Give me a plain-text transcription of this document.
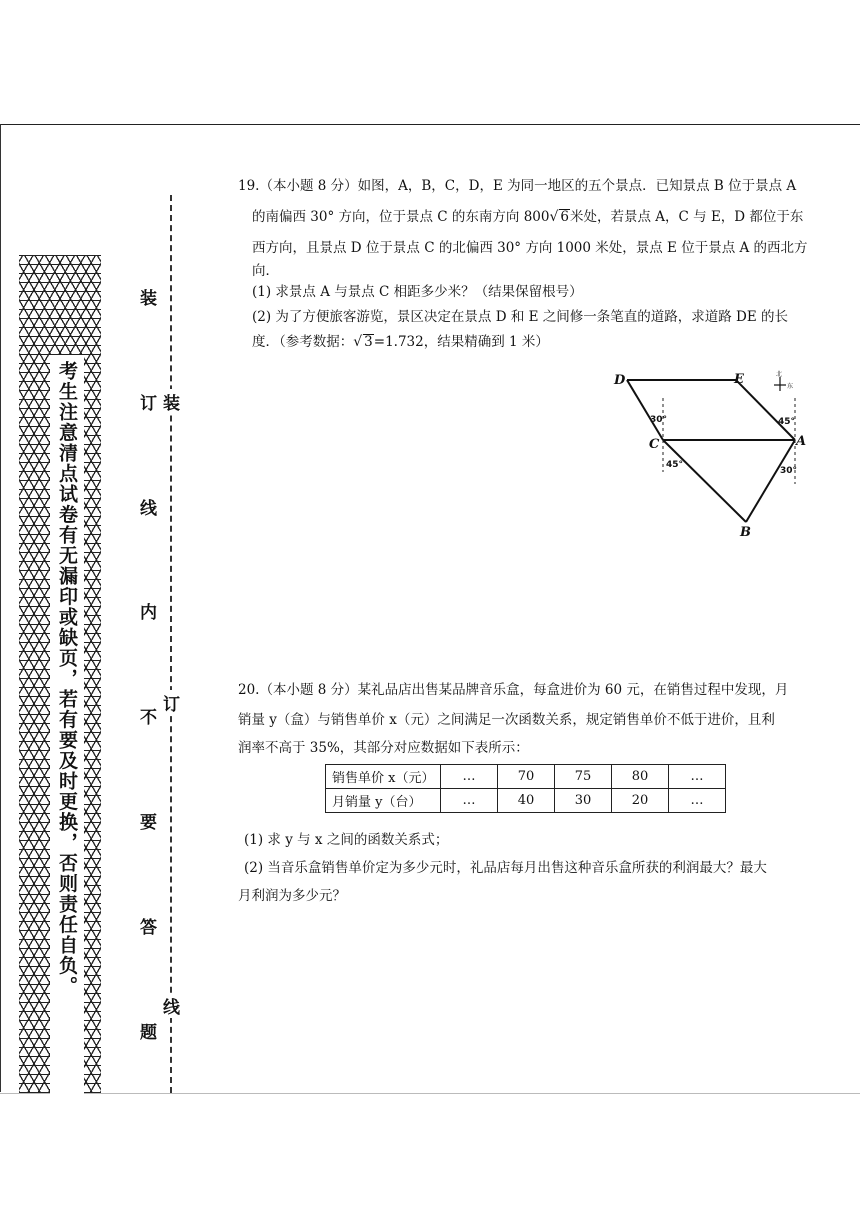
考生注意清点试卷有无漏印或缺页，若有要及时更换，否则责任自负。
装
订
线
内
不
要
答
题
装
订
线

19.（本小题 8 分）如图，A，B，C，D，E 为同一地区的五个景点．已知景点 B 位于景点 A

的南偏西 30° 方向，位于景点 C 的东南方向 800√ 6米处，若景点 A，C 与 E，D 都位于东

西方向，且景点 D 位于景点 C 的北偏西 30° 方向 1000 米处，景点 E 位于景点 A 的西北方

向．

(1) 求景点 A 与景点 C 相距多少米？（结果保留根号）

(2) 为了方便旅客游览，景区决定在景点 D 和 E 之间修一条笔直的道路，求道路 DE 的长

度．（参考数据：√ 3=1.732，结果精确到 1 米）

D	E
C	A
B
30°
45°
45°
30°
北
东

20.（本小题 8 分）某礼品店出售某品牌音乐盒，每盒进价为 60 元，在销售过程中发现，月

销量 y（盒）与销售单价 x（元）之间满足一次函数关系，规定销售单价不低于进价，且利

润率不高于 35%，其部分对应数据如下表所示：

销售单价 x（元）	…	70	75	80	…
月销量 y（台）	…	40	30	20	…

(1) 求 y 与 x 之间的函数关系式；

(2) 当音乐盒销售单价定为多少元时，礼品店每月出售这种音乐盒所获的利润最大？最大

月利润为多少元？
